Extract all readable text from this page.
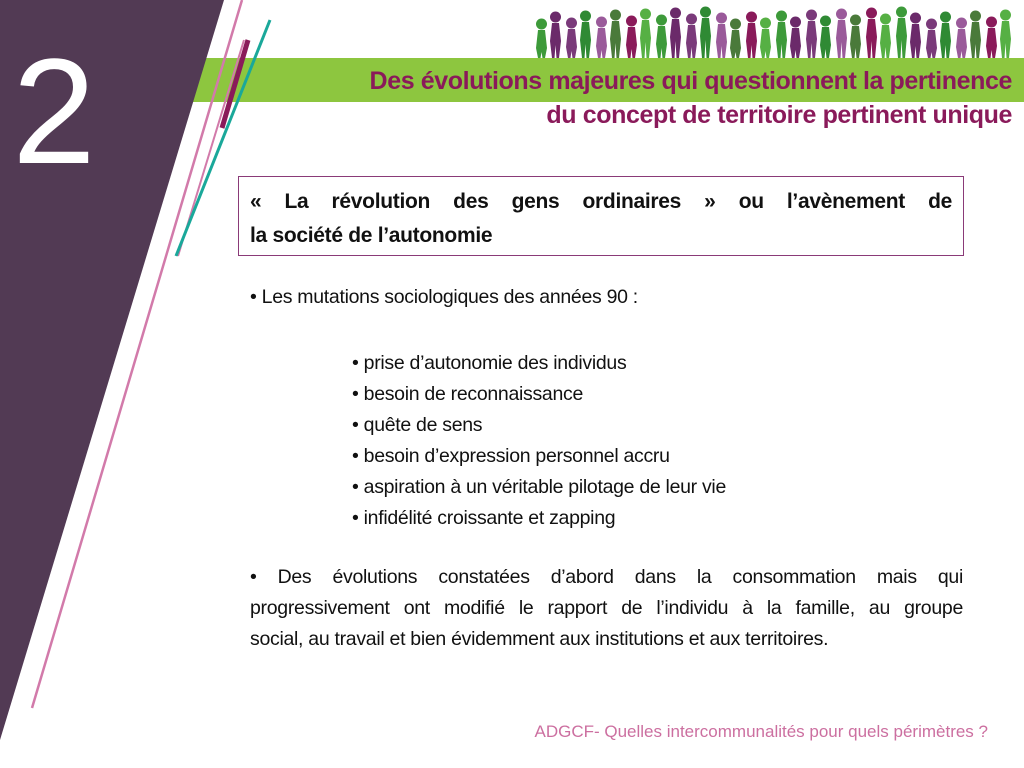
2	Des évolutions majeures qui questionnent la pertinence
du concept de territoire pertinent unique
« La révolution des gens ordinaires » ou l’avènement de
la société de l’autonomie
• Les mutations sociologiques des années 90 :
• prise d’autonomie des individus
• besoin de reconnaissance
• quête de sens
• besoin d’expression personnel accru
• aspiration à un véritable pilotage de leur vie
• infidélité croissante et zapping
• Des évolutions constatées d’abord dans la consommation mais qui
progressivement ont modifié le rapport de l’individu à la famille, au groupe
social, au travail et bien évidemment aux institutions et aux territoires.
ADGCF- Quelles intercommunalités pour quels périmètres ?
